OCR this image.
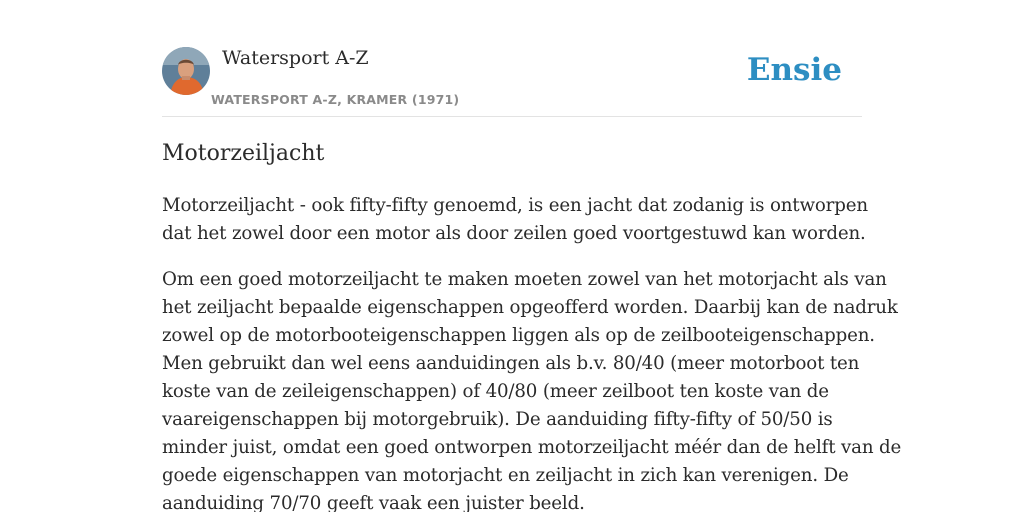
Watersport A-Z
WATERSPORT A-Z, KRAMER (1971)
Ensie
Motorzeiljacht

Motorzeiljacht - ook fifty-fifty genoemd, is een jacht dat zodanig is ontworpen
dat het zowel door een motor als door zeilen goed voortgestuwd kan worden.

Om een goed motorzeiljacht te maken moeten zowel van het motorjacht als van
het zeiljacht bepaalde eigenschappen opgeofferd worden. Daarbij kan de nadruk
zowel op de motorbooteigenschappen liggen als op de zeilbooteigenschappen.
Men gebruikt dan wel eens aanduidingen als b.v. 80/40 (meer motorboot ten
koste van de zeileigenschappen) of 40/80 (meer zeilboot ten koste van de
vaareigenschappen bij motorgebruik). De aanduiding fifty-fifty of 50/50 is
minder juist, omdat een goed ontworpen motorzeiljacht méér dan de helft van de
goede eigenschappen van motorjacht en zeiljacht in zich kan verenigen. De
aanduiding 70/70 geeft vaak een juister beeld.
